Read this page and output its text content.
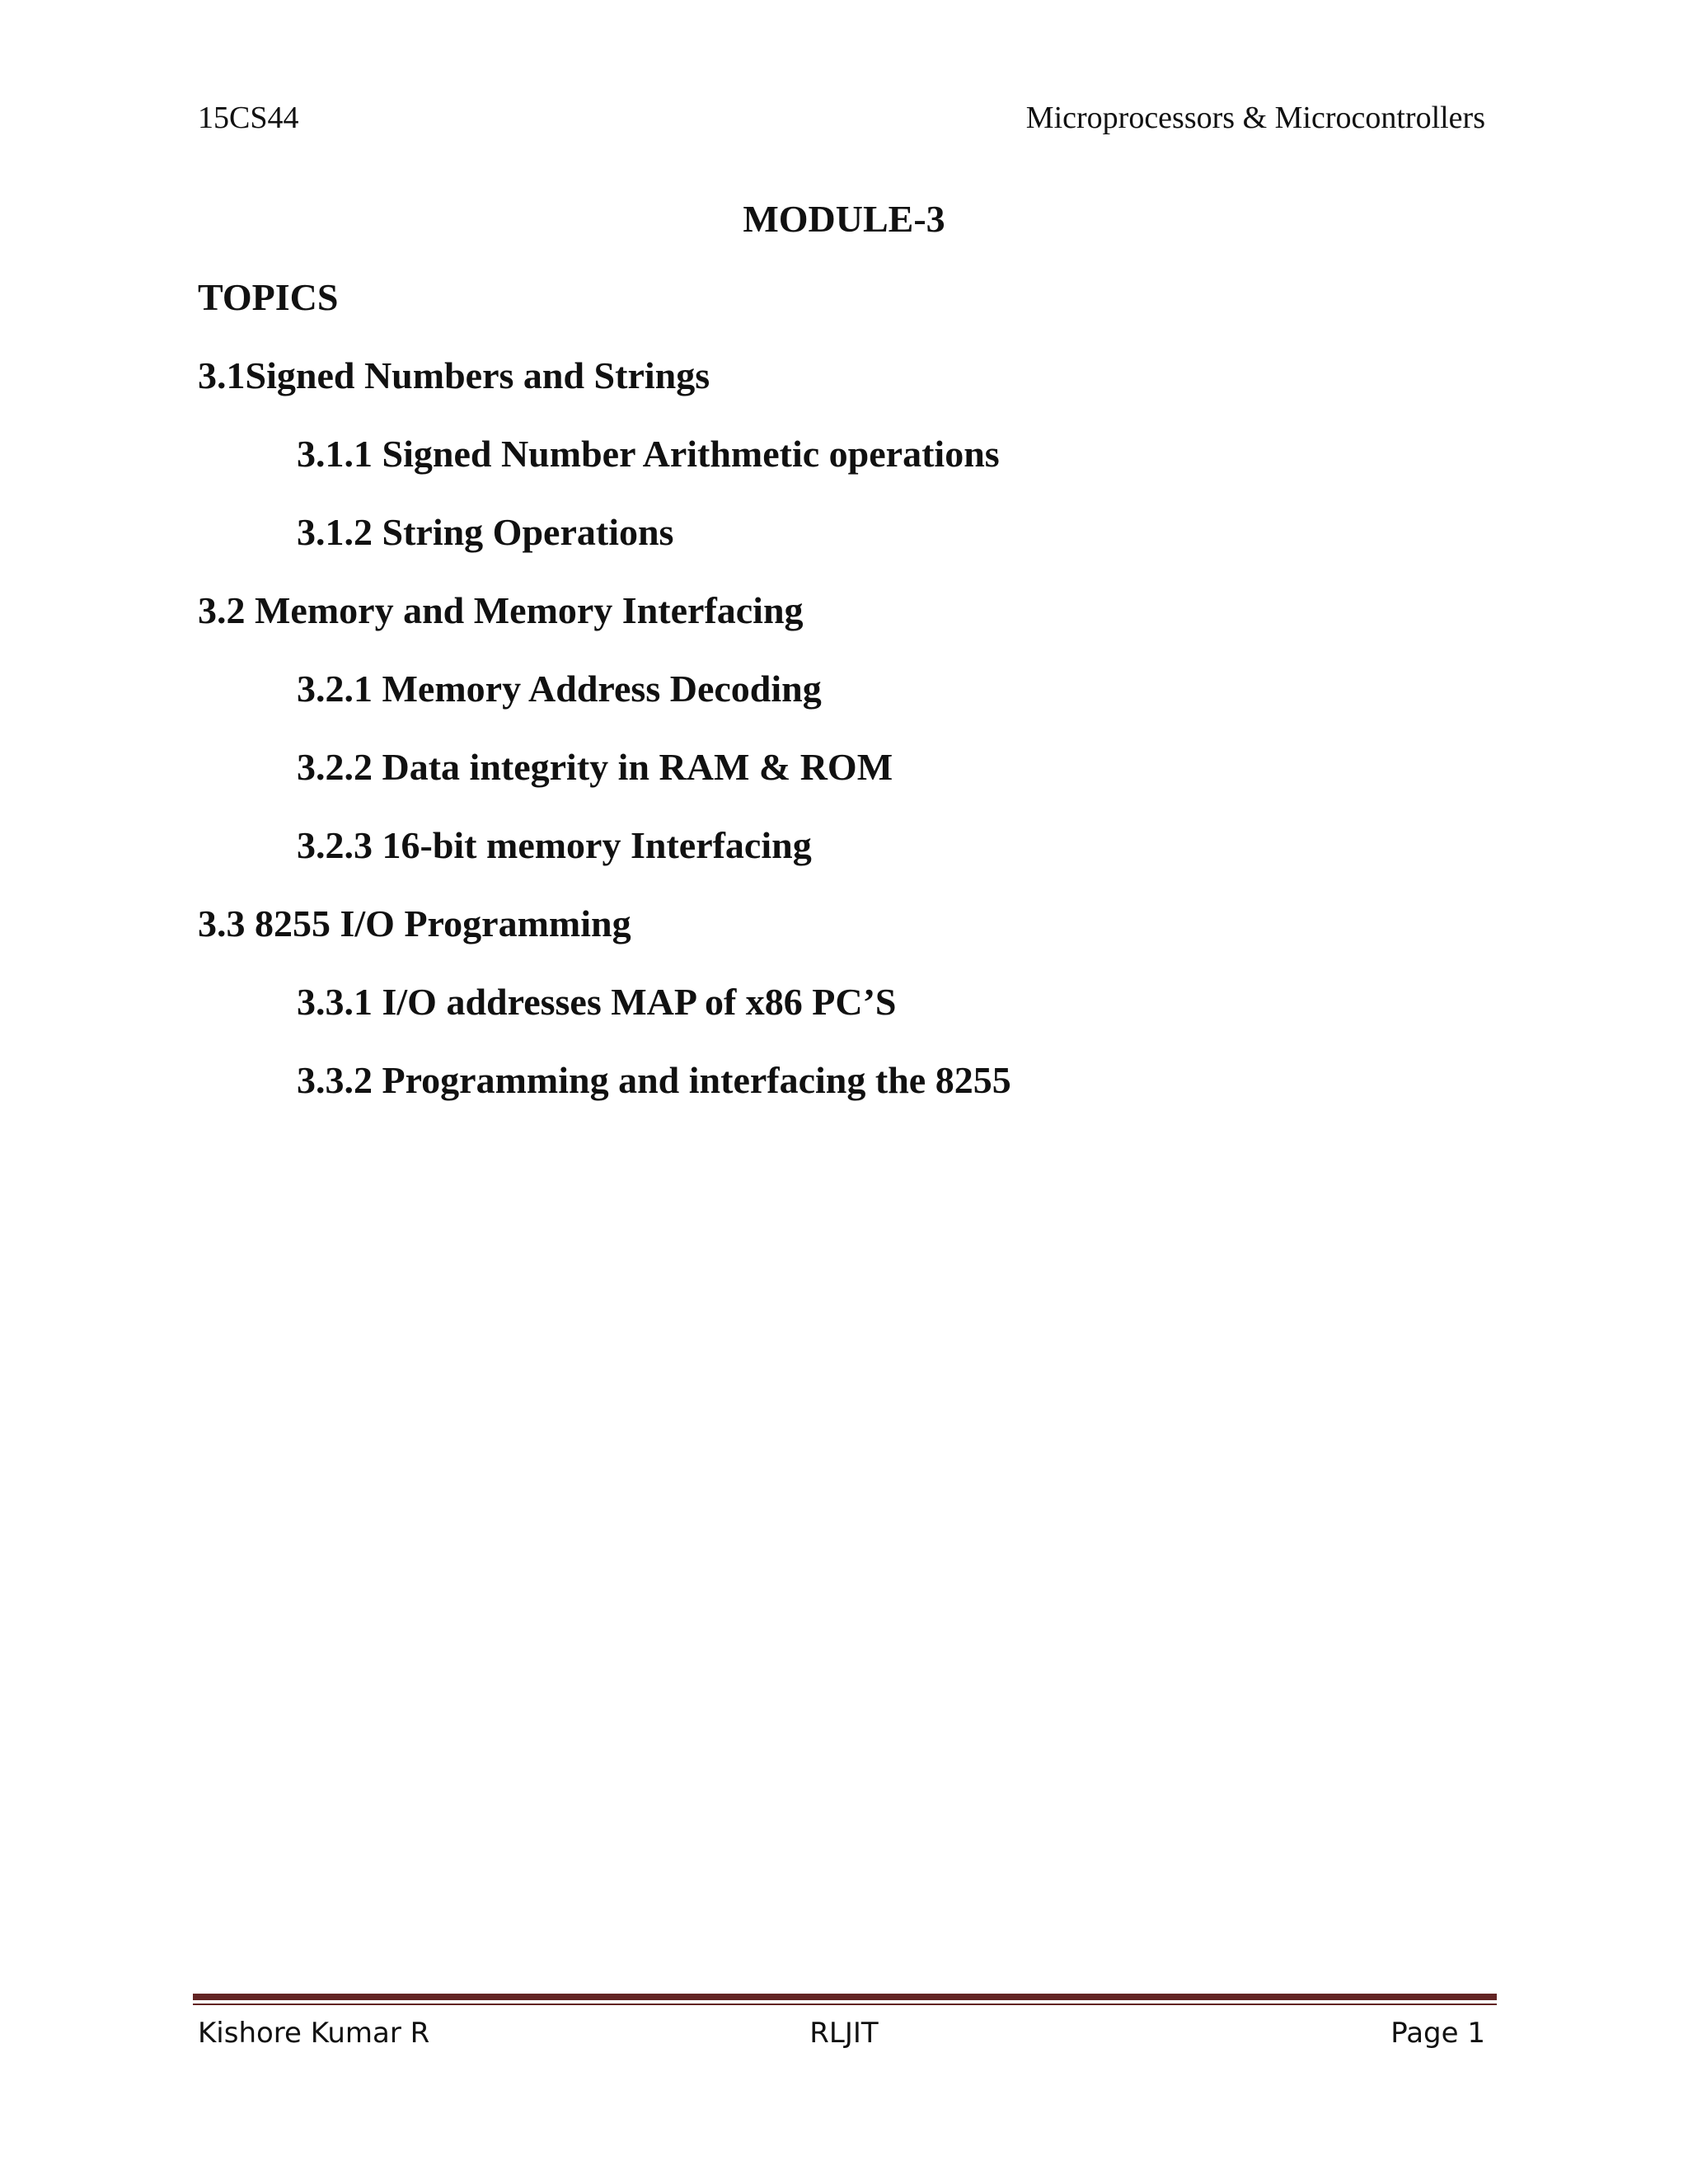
15CS44	Microprocessors & Microcontrollers
MODULE-3
TOPICS
3.1Signed Numbers and Strings
3.1.1 Signed Number Arithmetic operations
3.1.2 String Operations
3.2 Memory and Memory Interfacing
3.2.1 Memory Address Decoding
3.2.2 Data integrity in RAM & ROM
3.2.3 16-bit memory Interfacing
3.3 8255 I/O Programming
3.3.1 I/O addresses MAP of x86 PC’S
3.3.2 Programming and interfacing the 8255
Kishore Kumar R	RLJIT	Page 1
